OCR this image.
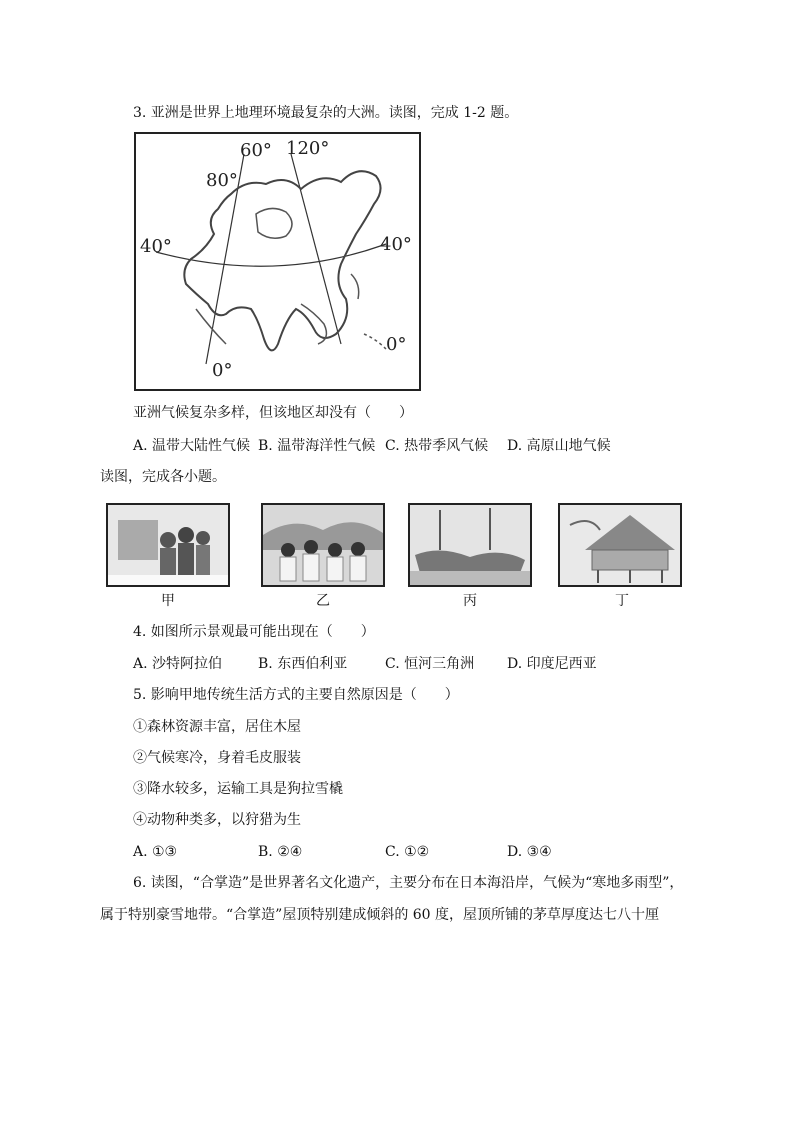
3. 亚洲是世界上地理环境最复杂的大洲。读图，完成 1-2 题。
60° 120°
80°
40°	40°
0°
0°
亚洲气候复杂多样，但该地区却没有（　　）
A. 温带大陆性气候 B. 温带海洋性气候 C. 热带季风气候 D. 高原山地气候
读图，完成各小题。
甲	乙	丙	丁
4. 如图所示景观最可能出现在（　　）
A. 沙特阿拉伯	B. 东西伯利亚	C. 恒河三角洲 D. 印度尼西亚
5. 影响甲地传统生活方式的主要自然原因是（　　）
①森林资源丰富，居住木屋
②气候寒冷，身着毛皮服装
③降水较多，运输工具是狗拉雪橇
④动物种类多，以狩猎为生
A. ①③	B. ②④	C. ①②	D. ③④
6. 读图，“合掌造”是世界著名文化遗产，主要分布在日本海沿岸，气候为“寒地多雨型”，
属于特别豪雪地带。“合掌造”屋顶特别建成倾斜的 60 度，屋顶所铺的茅草厚度达七八十厘
